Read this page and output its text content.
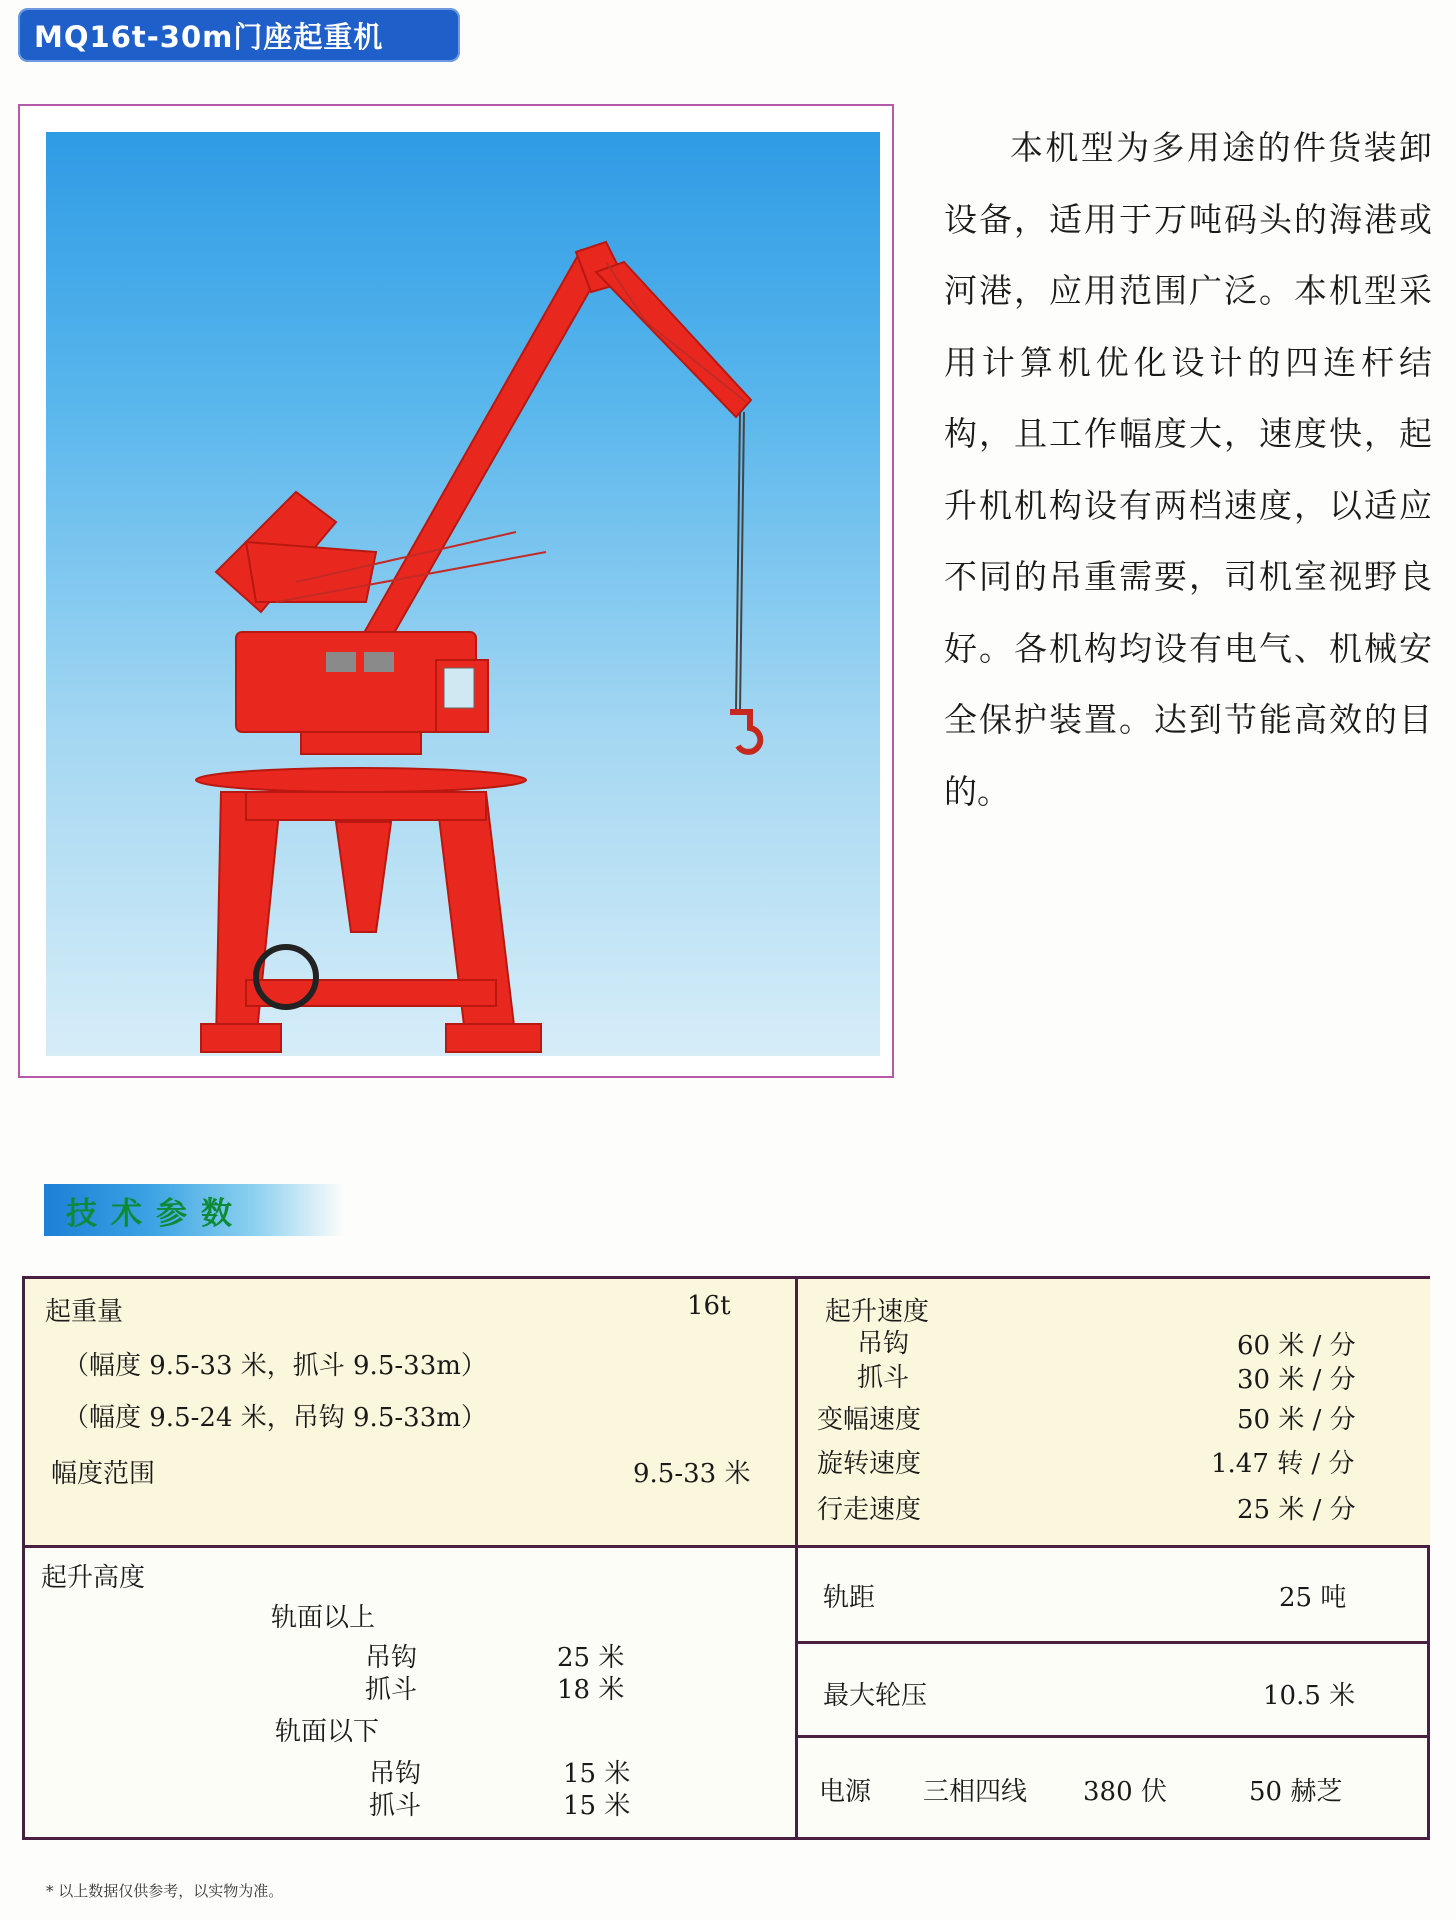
MQ16t-30m门座起重机

本机型为多用途的件货装卸设备，适用于万吨码头的海港或河港，应用范围广泛。本机型采用计算机优化设计的四连杆结构，且工作幅度大，速度快，起升机机构设有两档速度，以适应不同的吊重需要，司机室视野良好。各机构均设有电气、机械安全保护装置。达到节能高效的目的。

技术参数
起重量	16t
（幅度 9.5-33 米，抓斗 9.5-33m）
（幅度 9.5-24 米，吊钩 9.5-33m）
幅度范围	9.5-33 米
起升速度
吊钩	60 米 / 分
抓斗	30 米 / 分
变幅速度	50 米 / 分
旋转速度	1.47 转 / 分
行走速度	25 米 / 分
起升高度
轨面以上
吊钩	25 米
抓斗	18 米
轨面以下
吊钩	15 米
抓斗	15 米
轨距	25 吨
最大轮压	10.5 米
电源 三相四线 380 伏	50 赫芝
* 以上数据仅供参考，以实物为准。
